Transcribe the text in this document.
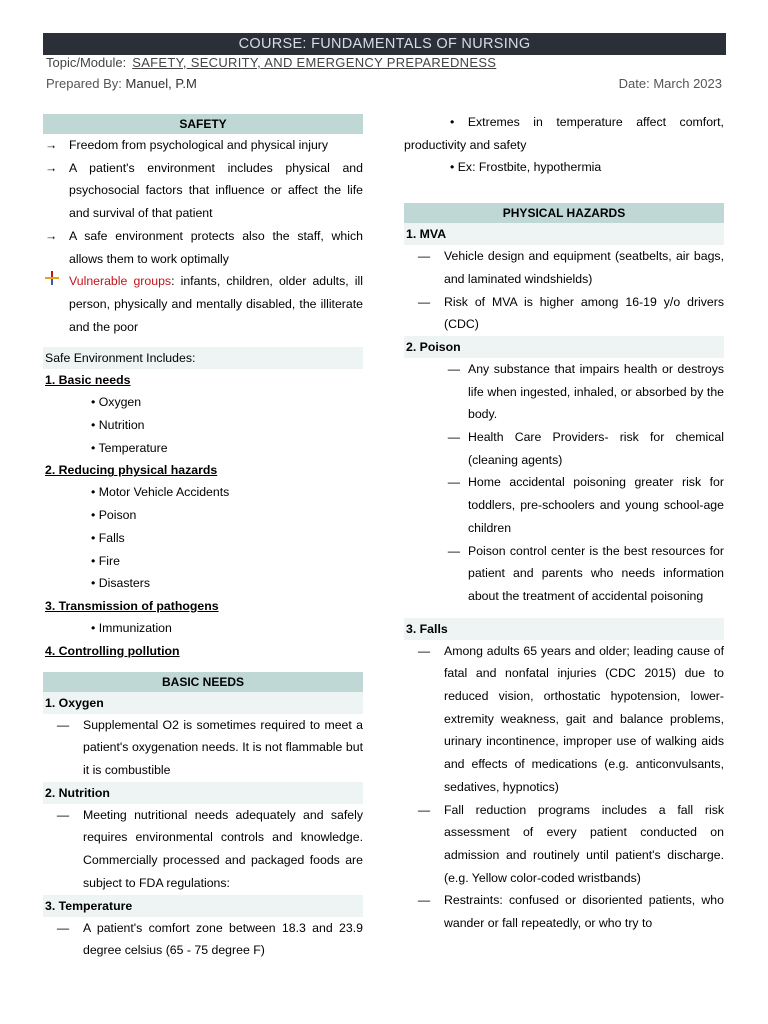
COURSE: FUNDAMENTALS OF NURSING
Topic/Module: SAFETY, SECURITY, AND EMERGENCY PREPAREDNESS
Prepared By: Manuel, P.M	Date: March 2023
SAFETY
→ Freedom from psychological and physical injury
→ A patient's environment includes physical and psychosocial factors that influence or affect the life and survival of that patient
→ A safe environment protects also the staff, which allows them to work optimally
Vulnerable groups: infants, children, older adults, ill person, physically and mentally disabled, the illiterate and the poor
Safe Environment Includes:
1. Basic needs
• Oxygen
• Nutrition
• Temperature
2. Reducing physical hazards
• Motor Vehicle Accidents
• Poison
• Falls
• Fire
• Disasters
3. Transmission of pathogens
• Immunization
4. Controlling pollution
BASIC NEEDS
1. Oxygen
—	Supplemental O2 is sometimes required to meet a patient's oxygenation needs. It is not flammable but it is combustible
2. Nutrition
—	Meeting nutritional needs adequately and safely requires environmental controls and knowledge. Commercially processed and packaged foods are subject to FDA regulations:
3. Temperature
—	A patient's comfort zone between 18.3 and 23.9 degree celsius (65 - 75 degree F)
• Extremes in temperature affect comfort, productivity and safety
• Ex: Frostbite, hypothermia
PHYSICAL HAZARDS
1. MVA
—	Vehicle design and equipment (seatbelts, air bags, and laminated windshields)
—	Risk of MVA is higher among 16-19 y/o drivers (CDC)
2. Poison
— Any substance that impairs health or destroys life when ingested, inhaled, or absorbed by the body.
— Health Care Providers- risk for chemical (cleaning agents)
— Home accidental poisoning greater risk for toddlers, pre-schoolers and young school-age children
— Poison control center is the best resources for patient and parents who needs information about the treatment of accidental poisoning
3. Falls
—	Among adults 65 years and older; leading cause of fatal and nonfatal injuries (CDC 2015) due to reduced vision, orthostatic hypotension, lower-extremity weakness, gait and balance problems, urinary incontinence, improper use of walking aids and effects of medications (e.g. anticonvulsants, sedatives, hypnotics)
—	Fall reduction programs includes a fall risk assessment of every patient conducted on admission and routinely until patient's discharge. (e.g. Yellow color-coded wristbands)
—	Restraints: confused or disoriented patients, who wander or fall repeatedly, or who try to
